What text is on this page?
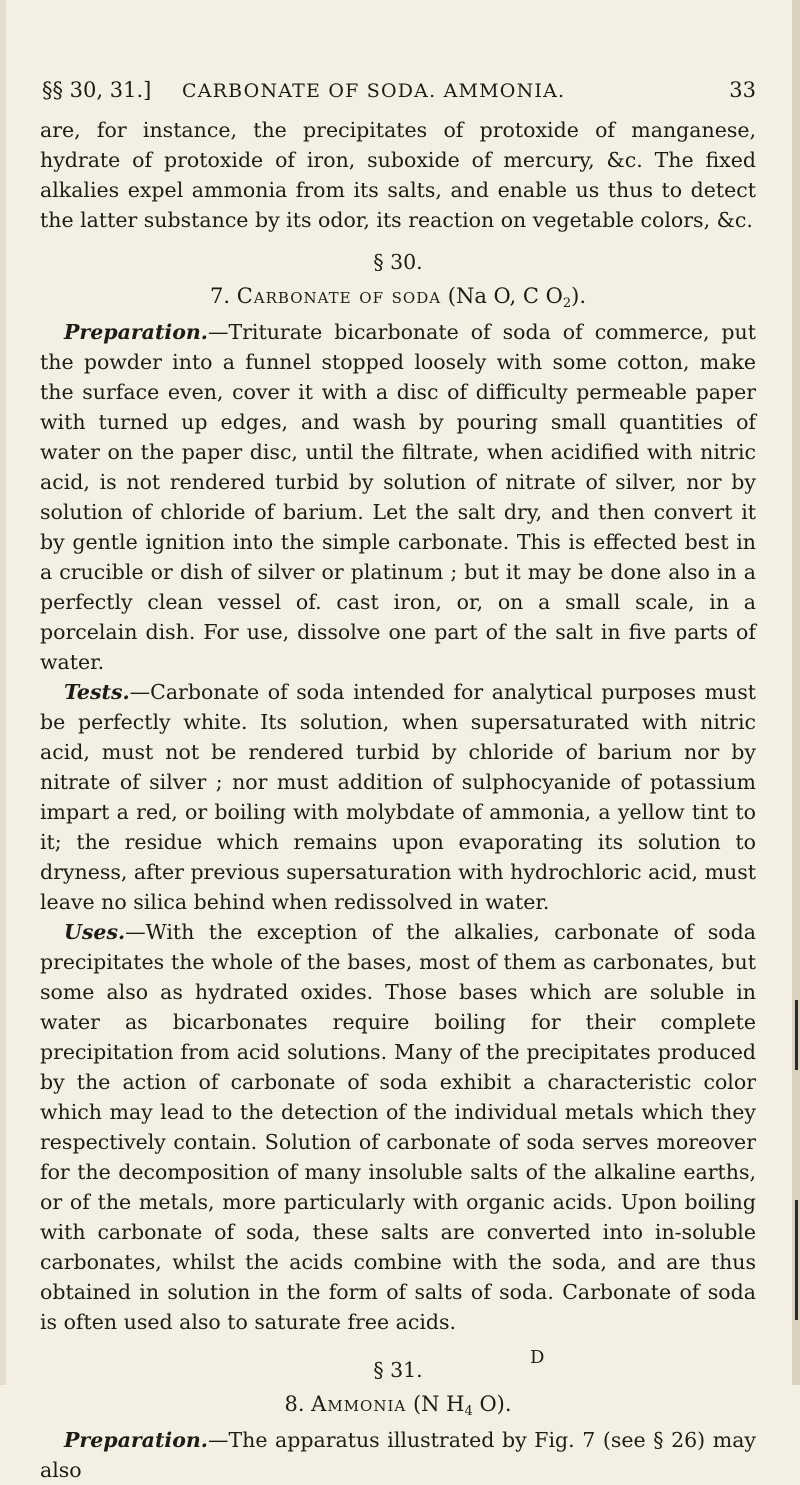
§§ 30, 31.] CARBONATE OF SODA. AMMONIA.	33

are, for instance, the precipitates of protoxide of manganese, hydrate of protoxide of iron, suboxide of mercury, &c. The fixed alkalies expel ammonia from its salts, and enable us thus to detect the latter substance by its odor, its reaction on vegetable colors, &c.

§ 30.
7. Carbonate of soda (Na O, C $O_2$).

Preparation.—Triturate bicarbonate of soda of commerce, put the powder into a funnel stopped loosely with some cotton, make the surface even, cover it with a disc of difficulty permeable paper with turned up edges, and wash by pouring small quantities of water on the paper disc, until the filtrate, when acidified with nitric acid, is not rendered turbid by solution of nitrate of silver, nor by solution of chloride of barium. Let the salt dry, and then convert it by gentle ignition into the simple carbonate. This is effected best in a crucible or dish of silver or platinum ; but it may be done also in a perfectly clean vessel of. cast iron, or, on a small scale, in a porcelain dish. For use, dissolve one part of the salt in five parts of water.

Tests.—Carbonate of soda intended for analytical purposes must be perfectly white. Its solution, when supersaturated with nitric acid, must not be rendered turbid by chloride of barium nor by nitrate of silver ; nor must addition of sulphocyanide of potassium impart a red, or boiling with molybdate of ammonia, a yellow tint to it; the residue which remains upon evaporating its solution to dryness, after previous supersaturation with hydrochloric acid, must leave no silica behind when redissolved in water.

Uses.—With the exception of the alkalies, carbonate of soda precipitates the whole of the bases, most of them as carbonates, but some also as hydrated oxides. Those bases which are soluble in water as bicarbonates require boiling for their complete precipitation from acid solutions. Many of the precipitates produced by the action of carbonate of soda exhibit a characteristic color which may lead to the detection of the individual metals which they respectively contain. Solution of carbonate of soda serves moreover for the decomposition of many insoluble salts of the alkaline earths, or of the metals, more particularly with organic acids. Upon boiling with carbonate of soda, these salts are converted into in-soluble carbonates, whilst the acids combine with the soda, and are thus obtained in solution in the form of salts of soda. Carbonate of soda is often used also to saturate free acids.

§ 31.
8. Ammonia (N $H_4$ O).

Preparation.—The apparatus illustrated by Fig. 7 (see § 26) may also

D
